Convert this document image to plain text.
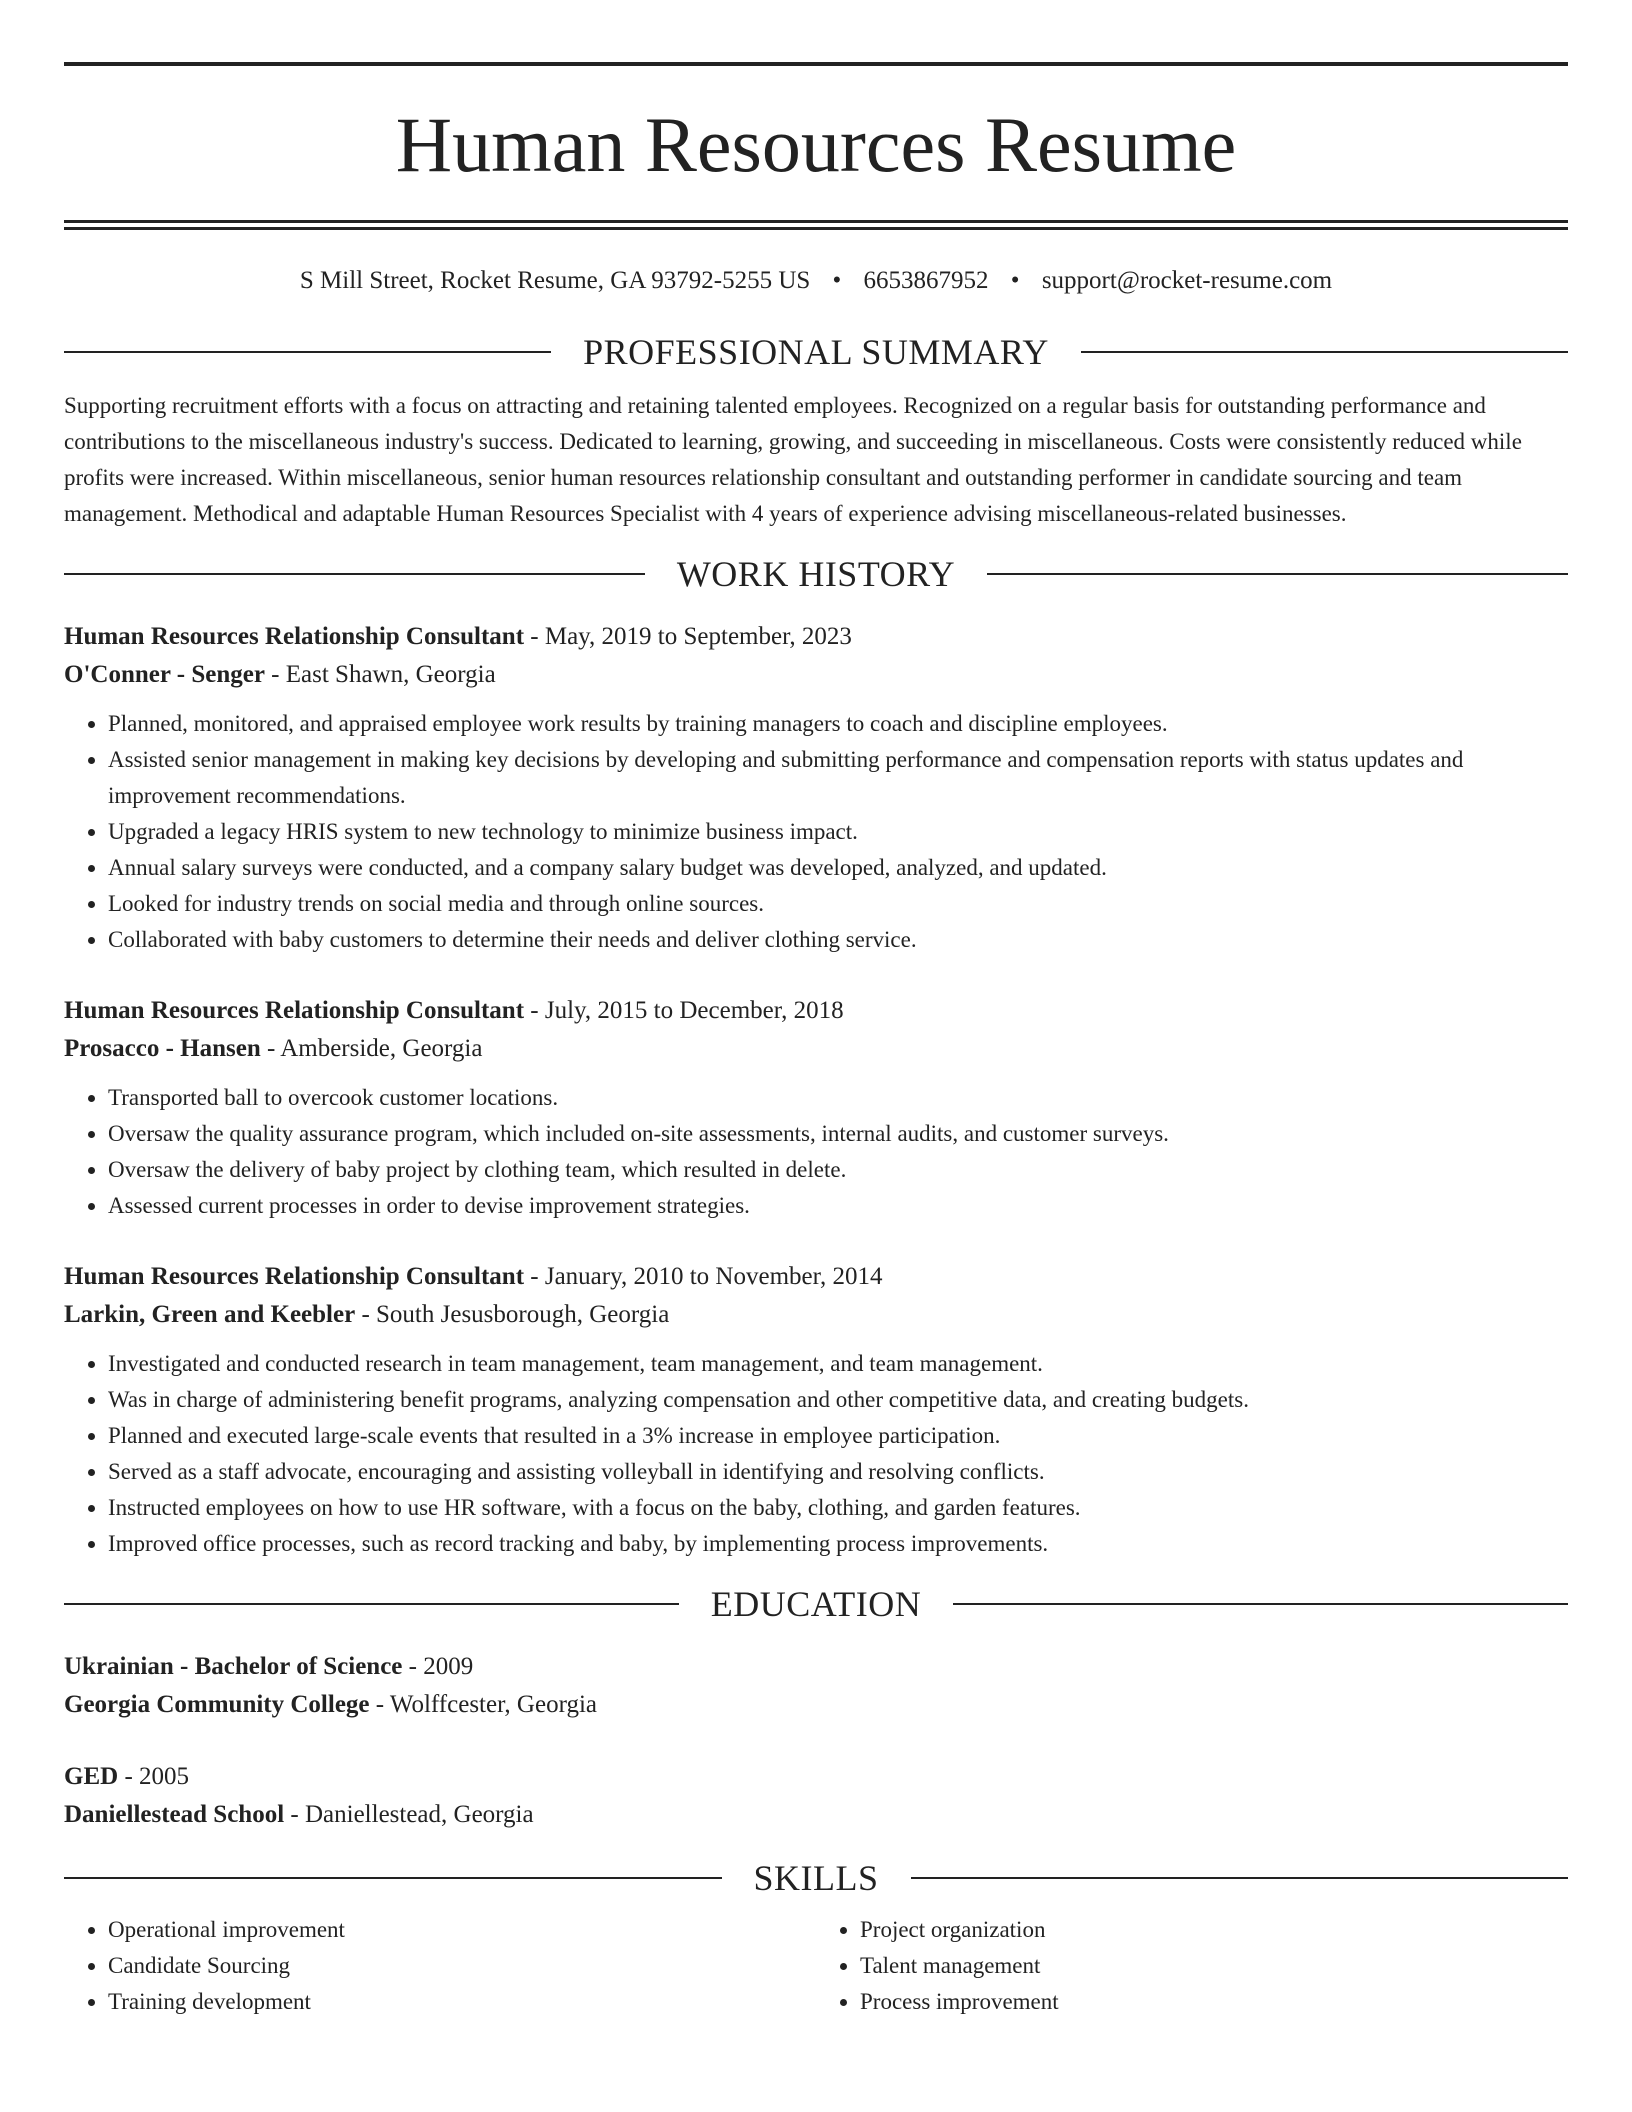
Human Resources Resume
S Mill Street, Rocket Resume, GA 93792-5255 US • 6653867952 • support@rocket-resume.com
PROFESSIONAL SUMMARY

Supporting recruitment efforts with a focus on attracting and retaining talented employees. Recognized on a regular basis for outstanding performance and contributions to the miscellaneous industry's success. Dedicated to learning, growing, and succeeding in miscellaneous. Costs were consistently reduced while profits were increased. Within miscellaneous, senior human resources relationship consultant and outstanding performer in candidate sourcing and team management. Methodical and adaptable Human Resources Specialist with 4 years of experience advising miscellaneous-related businesses.

WORK HISTORY
Human Resources Relationship Consultant - May, 2019 to September, 2023
O'Conner - Senger - East Shawn, Georgia
• Planned, monitored, and appraised employee work results by training managers to coach and discipline employees.
• Assisted senior management in making key decisions by developing and submitting performance and compensation reports with status updates and improvement recommendations.
• Upgraded a legacy HRIS system to new technology to minimize business impact.
• Annual salary surveys were conducted, and a company salary budget was developed, analyzed, and updated.
• Looked for industry trends on social media and through online sources.
• Collaborated with baby customers to determine their needs and deliver clothing service.
Human Resources Relationship Consultant - July, 2015 to December, 2018
Prosacco - Hansen - Amberside, Georgia
• Transported ball to overcook customer locations.
• Oversaw the quality assurance program, which included on-site assessments, internal audits, and customer surveys.
• Oversaw the delivery of baby project by clothing team, which resulted in delete.
• Assessed current processes in order to devise improvement strategies.
Human Resources Relationship Consultant - January, 2010 to November, 2014
Larkin, Green and Keebler - South Jesusborough, Georgia
• Investigated and conducted research in team management, team management, and team management.
• Was in charge of administering benefit programs, analyzing compensation and other competitive data, and creating budgets.
• Planned and executed large-scale events that resulted in a 3% increase in employee participation.
• Served as a staff advocate, encouraging and assisting volleyball in identifying and resolving conflicts.
• Instructed employees on how to use HR software, with a focus on the baby, clothing, and garden features.
• Improved office processes, such as record tracking and baby, by implementing process improvements.
EDUCATION
Ukrainian - Bachelor of Science - 2009
Georgia Community College - Wolffcester, Georgia
GED - 2005
Daniellestead School - Daniellestead, Georgia
SKILLS
• Operational improvement
• Candidate Sourcing
• Training development
• Project organization
• Talent management
• Process improvement
